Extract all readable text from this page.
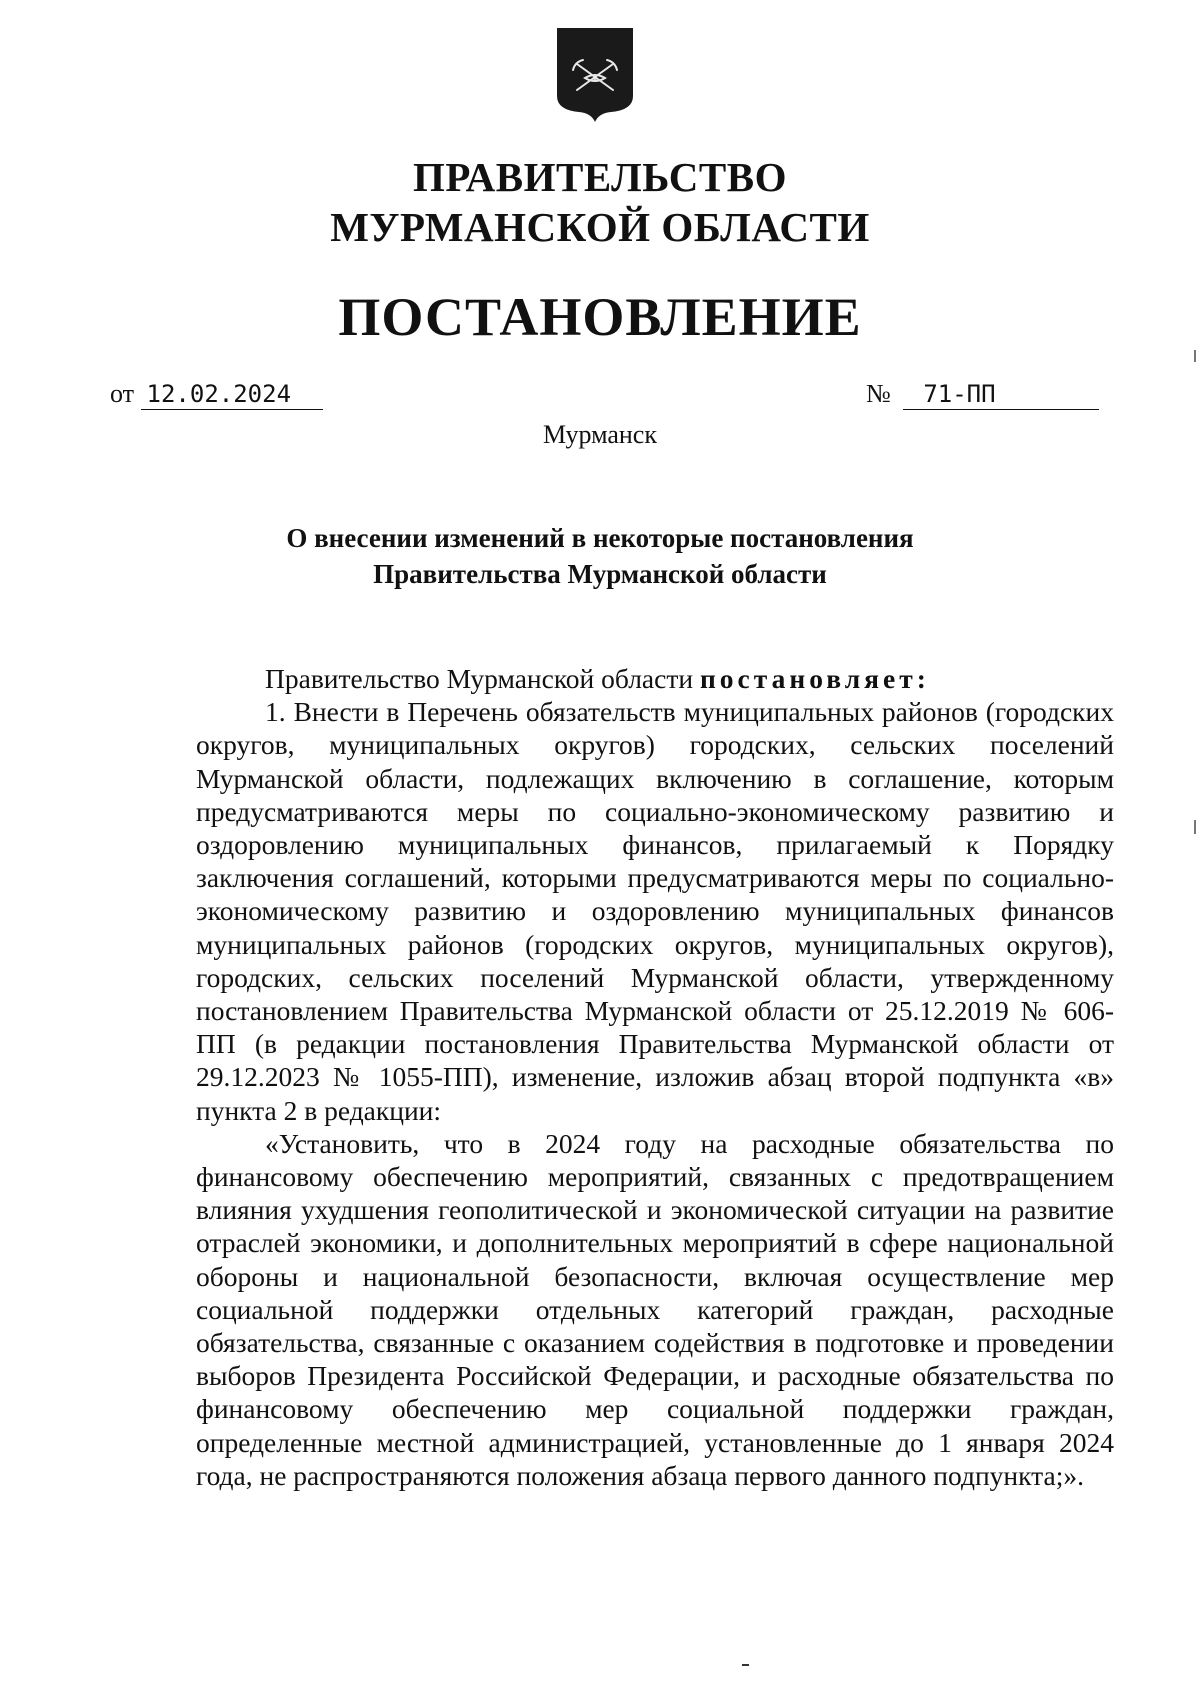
ПРАВИТЕЛЬСТВО
МУРМАНСКОЙ ОБЛАСТИ
ПОСТАНОВЛЕНИЕ
от 12.02.2024	№ 71-ПП
Мурманск
О внесении изменений в некоторые постановления
Правительства Мурманской области

Правительство Мурманской области постановляет:

1. Внести в Перечень обязательств муниципальных районов (городских округов, муниципальных округов) городских, сельских поселений Мурманской области, подлежащих включению в соглашение, которым предусматриваются меры по социально-экономическому развитию и оздоровлению муниципальных финансов, прилагаемый к Порядку заключения соглашений, которыми предусматриваются меры по социально-экономическому развитию и оздоровлению муниципальных финансов муниципальных районов (городских округов, муниципальных округов), городских, сельских поселений Мурманской области, утвержденному постановлением Правительства Мурманской области от 25.12.2019 № 606-ПП (в редакции постановления Правительства Мурманской области от 29.12.2023 № 1055-ПП), изменение, изложив абзац второй подпункта «в» пункта 2 в редакции:

«Установить, что в 2024 году на расходные обязательства по финансовому обеспечению мероприятий, связанных с предотвращением влияния ухудшения геополитической и экономической ситуации на развитие отраслей экономики, и дополнительных мероприятий в сфере национальной обороны и национальной безопасности, включая осуществление мер социальной поддержки отдельных категорий граждан, расходные обязательства, связанные с оказанием содействия в подготовке и проведении выборов Президента Российской Федерации, и расходные обязательства по финансовому обеспечению мер социальной поддержки граждан, определенные местной администрацией, установленные до 1 января 2024 года, не распространяются положения абзаца первого данного подпункта;».
